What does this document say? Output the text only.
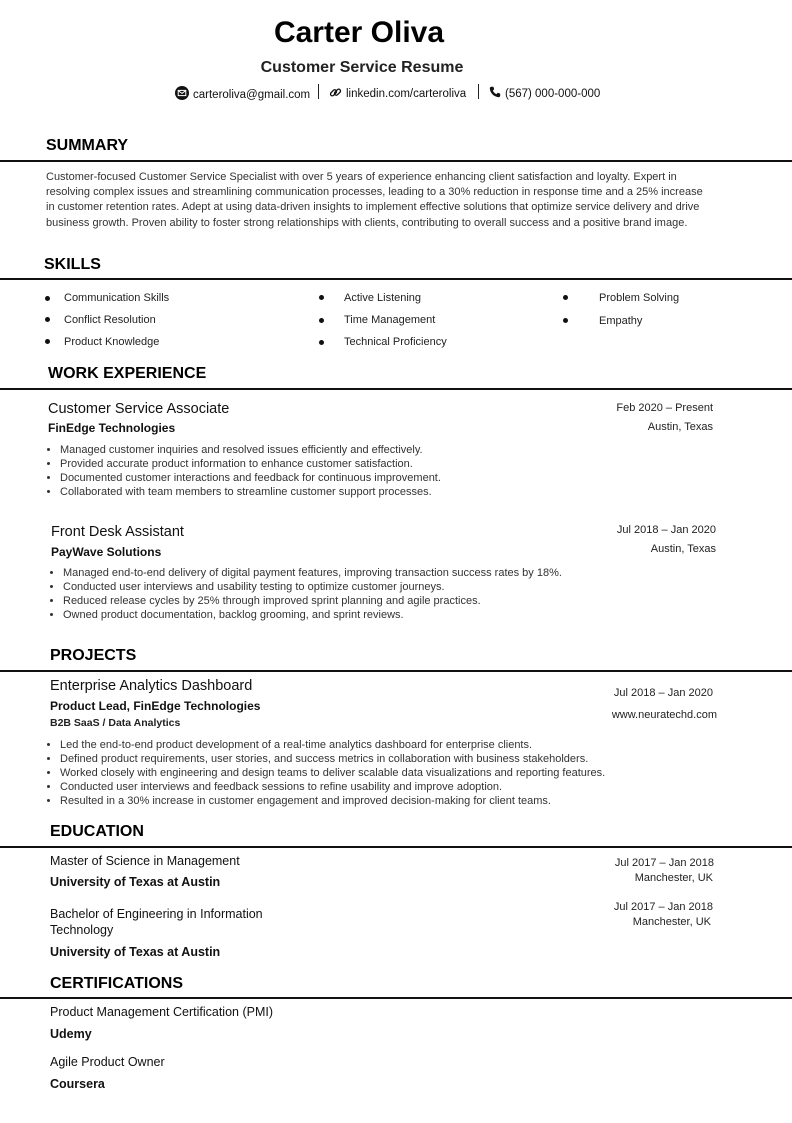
Carter Oliva
Customer Service Resume
carteroliva@gmail.com	linkedin.com/carteroliva	(567) 000-000-000
SUMMARY
Customer-focused Customer Service Specialist with over 5 years of experience enhancing client satisfaction and loyalty. Expert in resolving complex issues and streamlining communication processes, leading to a 30% reduction in response time and a 25% increase in customer retention rates. Adept at using data-driven insights to implement effective solutions that optimize service delivery and drive business growth. Proven ability to foster strong relationships with clients, contributing to overall success and a positive brand image.
SKILLS
Communication Skills
Conflict Resolution
Product Knowledge
Active Listening
Time Management
Technical Proficiency
Problem Solving
Empathy
WORK EXPERIENCE
Customer Service Associate
FinEdge Technologies
Feb 2020 – Present
Austin, Texas
Managed customer inquiries and resolved issues efficiently and effectively.
Provided accurate product information to enhance customer satisfaction.
Documented customer interactions and feedback for continuous improvement.
Collaborated with team members to streamline customer support processes.
Front Desk Assistant
PayWave Solutions
Jul 2018 – Jan 2020
Austin, Texas
Managed end-to-end delivery of digital payment features, improving transaction success rates by 18%.
Conducted user interviews and usability testing to optimize customer journeys.
Reduced release cycles by 25% through improved sprint planning and agile practices.
Owned product documentation, backlog grooming, and sprint reviews.
PROJECTS
Enterprise Analytics Dashboard
Product Lead, FinEdge Technologies
B2B SaaS / Data Analytics
Jul 2018 – Jan 2020
www.neuratechd.com
Led the end-to-end product development of a real-time analytics dashboard for enterprise clients.
Defined product requirements, user stories, and success metrics in collaboration with business stakeholders.
Worked closely with engineering and design teams to deliver scalable data visualizations and reporting features.
Conducted user interviews and feedback sessions to refine usability and improve adoption.
Resulted in a 30% increase in customer engagement and improved decision-making for client teams.
EDUCATION
Master of Science in Management
University of Texas at Austin
Jul 2017 – Jan 2018
Manchester, UK
Bachelor of Engineering in Information
Technology
University of Texas at Austin
Jul 2017 – Jan 2018
Manchester, UK
CERTIFICATIONS
Product Management Certification (PMI)
Udemy
Agile Product Owner
Coursera
